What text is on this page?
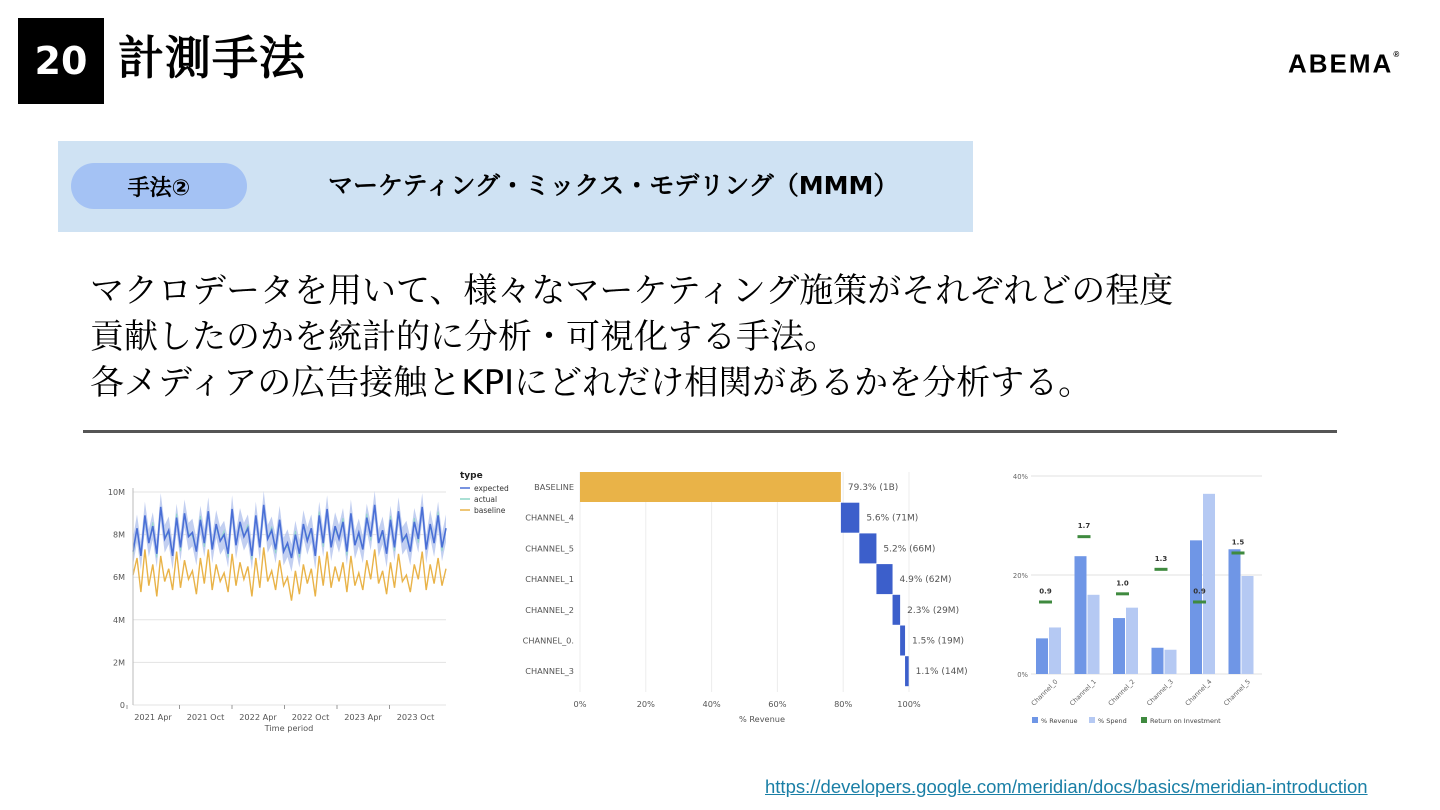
20 計測手法	ABEMA®
手法②	マーケティング・ミックス・モデリング（MMM）
マクロデータを用いて、様々なマーケティング施策がそれぞれどの程度
貢献したのかを統計的に分析・可視化する手法。
各メディアの広告接触とKPIにどれだけ相関があるかを分析する。
0
2M
4M
6M
8M
10M
2021 Apr 2021 Oct 2022 Apr 2022 Oct 2023 Apr 2023 Oct
Time period
type
expected
actual
baseline
0%	20%	40%	60%	80%	100%
% Revenue
BASELINE	79.3% (1B)
CHANNEL_4	5.6% (71M)
CHANNEL_5	5.2% (66M)
CHANNEL_1	4.9% (62M)
CHANNEL_2	2.3% (29M)
CHANNEL_0.	1.5% (19M)
CHANNEL_3	1.1% (14M)	0%
20%
40%
0.9
Channel_0
1.7
Channel_1
1.0
Channel_2
1.3
Channel_3
0.9
Channel_4
1.5
Channel_5
% Revenue	% Spend	Return on Investment
https://developers.google.com/meridian/docs/basics/meridian-introduction
